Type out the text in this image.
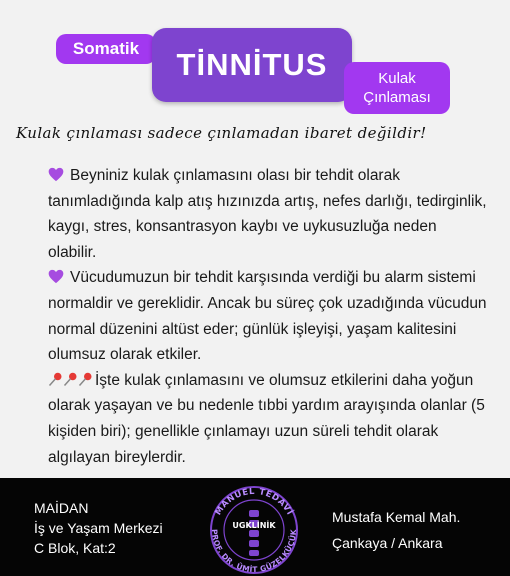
Somatik	TİNNİTUS	Kulak
Çınlaması
Kulak çınlaması sadece çınlamadan ibaret değildir!

Beyniniz kulak çınlamasını olası bir tehdit olarak tanımladığında kalp atış hızınızda artış, nefes darlığı, tedirginlik, kaygı, stres, konsantrasyon kaybı ve uykusuzluğa neden olabilir.

Vücudumuzun bir tehdit karşısında verdiği bu alarm sistemi normaldir ve gereklidir. Ancak bu süreç çok uzadığında vücudun normal düzenini altüst eder; günlük işleyişi, yaşam kalitesini olumsuz olarak etkiler.

İşte kulak çınlamasını ve olumsuz etkilerini daha yoğun olarak yaşayan ve bu nedenle tıbbi yardım arayışında olanlar (5 kişiden biri); genellikle çınlamayı uzun süreli tehdit olarak algılayan bireylerdir.

MAİDAN
İş ve Yaşam Merkezi
C Blok, Kat:2
MANUEL TEDAVİ
PROF. DR. ÜMİT GÜZELKÜÇÜK
UGKLİNİK
Mustafa Kemal Mah.
Çankaya / Ankara
